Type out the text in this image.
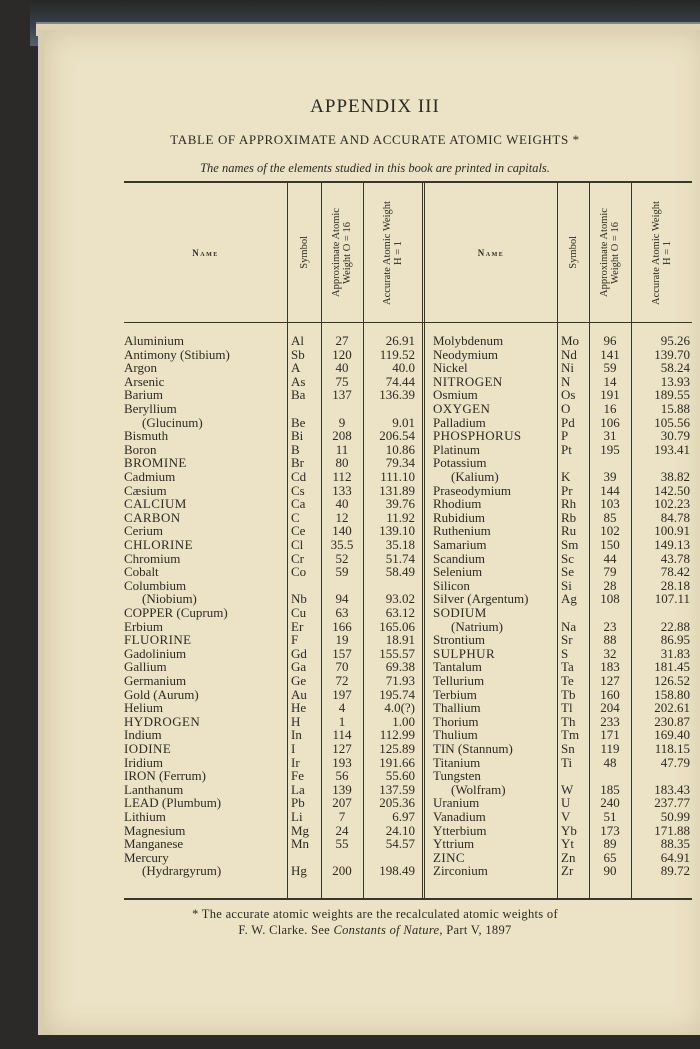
APPENDIX III
TABLE OF APPROXIMATE AND ACCURATE ATOMIC WEIGHTS *
The names of the elements studied in this book are printed in capitals.
Name	Symbol Approximate Atomic Weight O = 16	Accurate Atomic Weight H = 1	Name	Symbol Approximate Atomic Weight O = 16	Accurate Atomic Weight H = 1
Aluminium	Al	27	26.91
Antimony (Stibium)	Sb	120	119.52
Argon	A	40	40.0
Arsenic	As	75	74.44
Barium	Ba	137	136.39
Beryllium
(Glucinum)	Be	9	9.01
Bismuth	Bi	208	206.54
Boron	B	11	10.86
BROMINE	Br	80	79.34
Cadmium	Cd	112	111.10
Cæsium	Cs	133	131.89
CALCIUM	Ca	40	39.76
CARBON	C	12	11.92
Cerium	Ce	140	139.10
CHLORINE	Cl	35.5	35.18
Chromium	Cr	52	51.74
Cobalt	Co	59	58.49
Columbium
(Niobium)	Nb	94	93.02
COPPER (Cuprum)	Cu	63	63.12
Erbium	Er	166	165.06
FLUORINE	F	19	18.91
Gadolinium	Gd	157	155.57
Gallium	Ga	70	69.38
Germanium	Ge	72	71.93
Gold (Aurum)	Au	197	195.74
Helium	He	4	4.0(?)
HYDROGEN	H	1	1.00
Indium	In	114	112.99
IODINE	I	127	125.89
Iridium	Ir	193	191.66
IRON (Ferrum)	Fe	56	55.60
Lanthanum	La	139	137.59
LEAD (Plumbum)	Pb	207	205.36
Lithium	Li	7	6.97
Magnesium	Mg	24	24.10
Manganese	Mn	55	54.57
Mercury
(Hydrargyrum)	Hg	200	198.49
Molybdenum	Mo	96	95.26
Neodymium	Nd	141	139.70
Nickel	Ni	59	58.24
NITROGEN	N	14	13.93
Osmium	Os	191	189.55
OXYGEN	O	16	15.88
Palladium	Pd	106	105.56
PHOSPHORUS	P	31	30.79
Platinum	Pt	195	193.41
Potassium
(Kalium)	K	39	38.82
Praseodymium	Pr	144	142.50
Rhodium	Rh	103	102.23
Rubidium	Rb	85	84.78
Ruthenium	Ru	102	100.91
Samarium	Sm	150	149.13
Scandium	Sc	44	43.78
Selenium	Se	79	78.42
Silicon	Si	28	28.18
Silver (Argentum)	Ag	108	107.11
SODIUM
(Natrium)	Na	23	22.88
Strontium	Sr	88	86.95
SULPHUR	S	32	31.83
Tantalum	Ta	183	181.45
Tellurium	Te	127	126.52
Terbium	Tb	160	158.80
Thallium	Tl	204	202.61
Thorium	Th	233	230.87
Thulium	Tm	171	169.40
TIN (Stannum)	Sn	119	118.15
Titanium	Ti	48	47.79
Tungsten
(Wolfram)	W	185	183.43
Uranium	U	240	237.77
Vanadium	V	51	50.99
Ytterbium	Yb	173	171.88
Yttrium	Yt	89	88.35
ZINC	Zn	65	64.91
Zirconium	Zr	90	89.72
* The accurate atomic weights are the recalculated atomic weights of
F. W. Clarke. See Constants of Nature, Part V, 1897
